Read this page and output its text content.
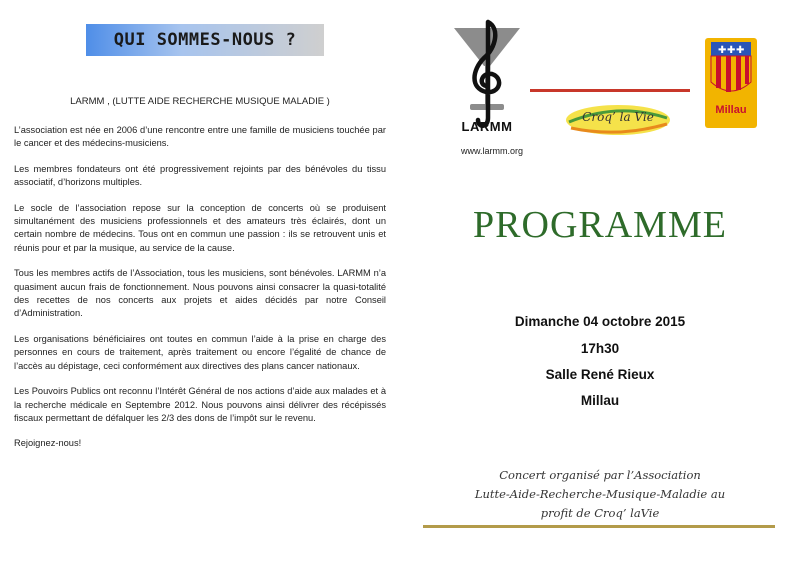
QUI SOMMES-NOUS ?
LARMM , (LUTTE AIDE RECHERCHE MUSIQUE MALADIE )

L’association est née en 2006 d’une rencontre entre une famille de musiciens touchée par le cancer et des médecins-musiciens.

Les membres fondateurs ont été progressivement rejoints par des bénévoles du tissu associatif, d’horizons multiples.

Le socle de l’association repose sur la conception de concerts où se produisent simultanément des musiciens professionnels et des amateurs très éclairés, dont un certain nombre de médecins. Tous ont en commun une passion : ils se retrouvent unis et réunis pour et par la musique, au service de la cause.

Tous les membres actifs de l’Association, tous les musiciens, sont bénévoles. LARMM n’a quasiment aucun frais de fonctionnement. Nous pouvons ainsi consacrer la quasi-totalité des recettes de nos concerts aux projets et aides décidés par notre Conseil d’Administration.

Les organisations bénéficiaires ont toutes en commun l’aide à la prise en charge des personnes en cours de traitement, après traitement ou encore l’égalité de chance de l’accès au dépistage, ceci conformément aux directives des plans cancer nationaux.

Les Pouvoirs Publics ont reconnu l’Intérêt Général de nos actions d’aide aux malades et à la recherche médicale en Septembre 2012. Nous pouvons ainsi délivrer des récépissés fiscaux permettant de défalquer les 2/3 des dons de l’impôt sur le revenu.

Rejoignez-nous!

LARMM
www.larmm.org
Croq’ la Vie
✚ ✚ ✚
Millau
PROGRAMME
Dimanche 04 octobre 2015
17h30
Salle René Rieux
Millau
Concert organisé par l’Association
Lutte-Aide-Recherche-Musique-Maladie au
profit de Croq’ laVie
